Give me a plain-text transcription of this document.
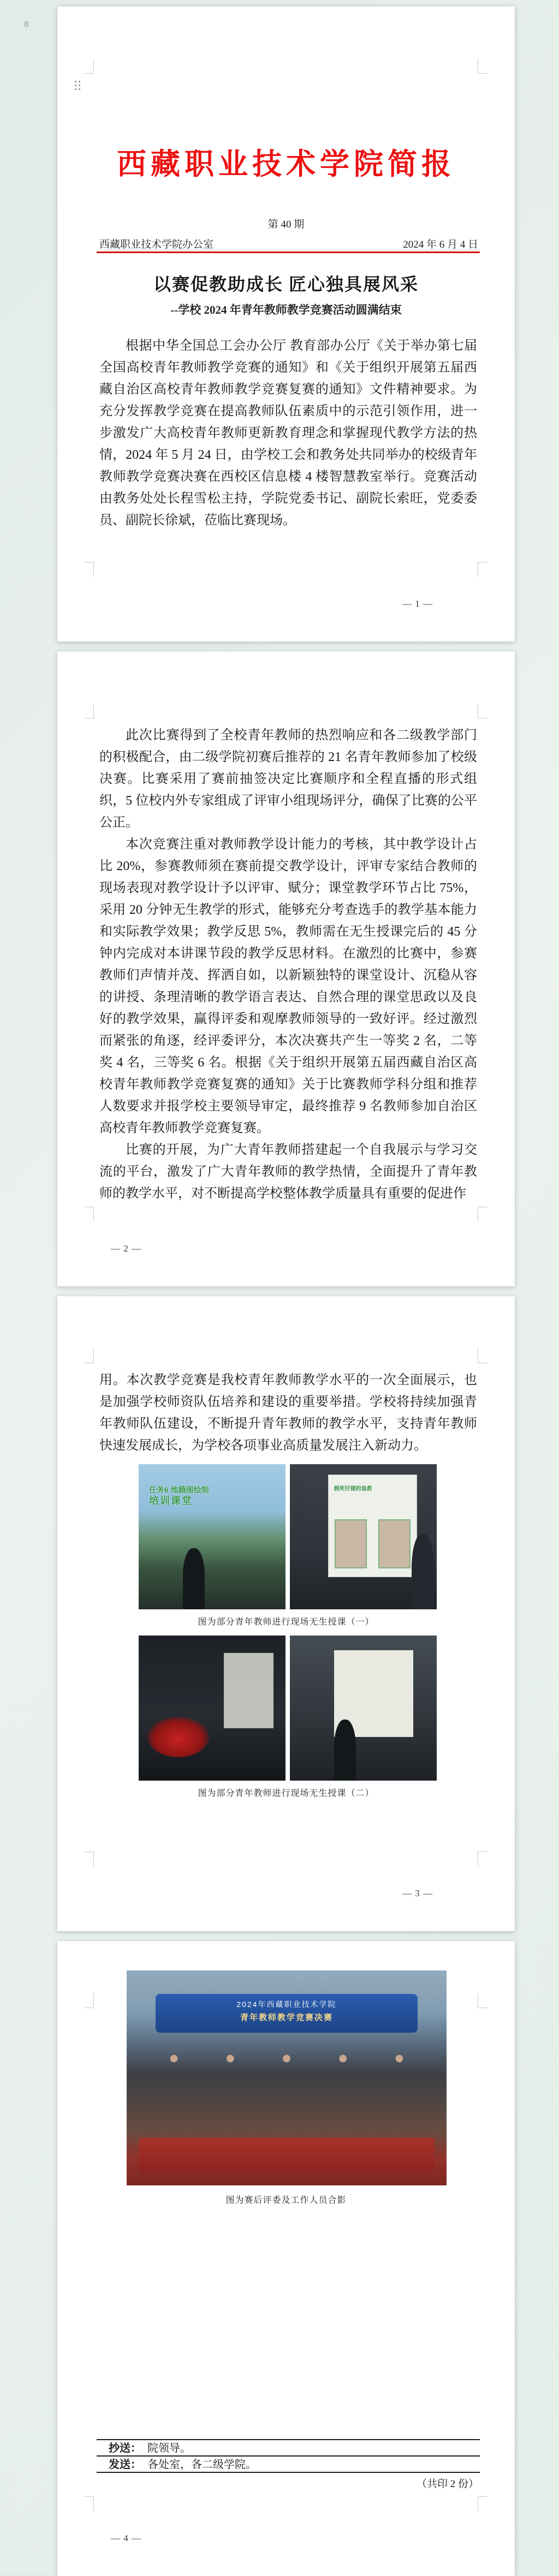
8
西藏职业技术学院简报
第 40 期
西藏职业技术学院办公室	2024 年 6 月 4 日
以赛促教助成长 匠心独具展风采
--学校 2024 年青年教师教学竞赛活动圆满结束

根据中华全国总工会办公厅 教育部办公厅《关于举办第七届全国高校青年教师教学竞赛的通知》和《关于组织开展第五届西藏自治区高校青年教师教学竞赛复赛的通知》文件精神要求。为充分发挥教学竞赛在提高教师队伍素质中的示范引领作用，进一步激发广大高校青年教师更新教育理念和掌握现代教学方法的热情，2024 年 5 月 24 日，由学校工会和教务处共同举办的校级青年教师教学竞赛决赛在西校区信息楼 4 楼智慧教室举行。竞赛活动由教务处处长程雪松主持，学院党委书记、副院长索旺，党委委员、副院长徐斌，莅临比赛现场。

— 1 —

此次比赛得到了全校青年教师的热烈响应和各二级教学部门的积极配合，由二级学院初赛后推荐的 21 名青年教师参加了校级决赛。比赛采用了赛前抽签决定比赛顺序和全程直播的形式组织，5 位校内外专家组成了评审小组现场评分，确保了比赛的公平公正。

本次竞赛注重对教师教学设计能力的考核，其中教学设计占比 20%，参赛教师须在赛前提交教学设计，评审专家结合教师的现场表现对教学设计予以评审、赋分；课堂教学环节占比 75%，采用 20 分钟无生教学的形式，能够充分考查选手的教学基本能力和实际教学效果；教学反思 5%，教师需在无生授课完后的 45 分钟内完成对本讲课节段的教学反思材料。在激烈的比赛中，参赛教师们声情并茂、挥洒自如，以新颖独特的课堂设计、沉稳从容的讲授、条理清晰的教学语言表达、自然合理的课堂思政以及良好的教学效果，赢得评委和观摩教师领导的一致好评。经过激烈而紧张的角逐，经评委评分，本次决赛共产生一等奖 2 名，二等奖 4 名，三等奖 6 名。根据《关于组织开展第五届西藏自治区高校青年教师教学竞赛复赛的通知》关于比赛教师学科分组和推荐人数要求并报学校主要领导审定，最终推荐 9 名教师参加自治区高校青年教师教学竞赛复赛。

比赛的开展，为广大青年教师搭建起一个自我展示与学习交流的平台，激发了广大青年教师的教学热情，全面提升了青年教师的教学水平，对不断提高学校整体教学质量具有重要的促进作

— 2 —

用。本次教学竞赛是我校青年教师教学水平的一次全面展示，也是加强学校师资队伍培养和建设的重要举措。学校将持续加强青年教师队伍建设，不断提升青年教师的教学水平，支持青年教师快速发展成长，为学校各项事业高质量发展注入新动力。

任务6 地籍图绘制
培训课堂
假死仔猪的急救
图为部分青年教师进行现场无生授课（一）
图为部分青年教师进行现场无生授课（二）
— 3 —
2024年西藏职业技术学院
青年教师教学竞赛决赛
图为赛后评委及工作人员合影
抄送： 院领导。
发送： 各处室，各二级学院。
（共印 2 份）
— 4 —
